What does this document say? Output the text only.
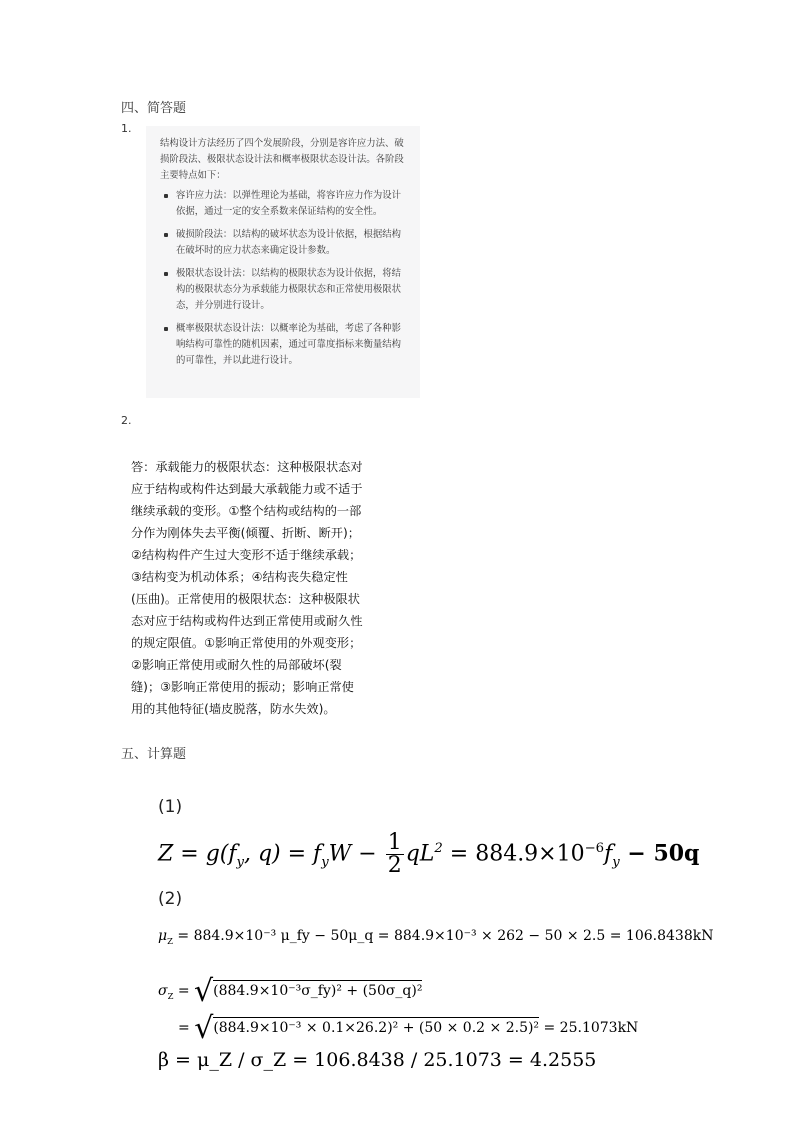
四、简答题
1.

结构设计方法经历了四个发展阶段，分别是容许应力法、破损阶段法、极限状态设计法和概率极限状态设计法。各阶段主要特点如下：

容许应力法：以弹性理论为基础，将容许应力作为设计依据，通过一定的安全系数来保证结构的安全性。
破损阶段法：以结构的破坏状态为设计依据，根据结构在破坏时的应力状态来确定设计参数。
极限状态设计法：以结构的极限状态为设计依据，将结构的极限状态分为承载能力极限状态和正常使用极限状态，并分别进行设计。
概率极限状态设计法：以概率论为基础，考虑了各种影响结构可靠性的随机因素，通过可靠度指标来衡量结构的可靠性，并以此进行设计。
2.
答：承载能力的极限状态：这种极限状态对
应于结构或构件达到最大承载能力或不适于
继续承载的变形。①整个结构或结构的一部
分作为刚体失去平衡(倾覆、折断、断开)；
②结构构件产生过大变形不适于继续承载；
③结构变为机动体系；④结构丧失稳定性
(压曲)。正常使用的极限状态：这种极限状
态对应于结构或构件达到正常使用或耐久性
的规定限值。①影响正常使用的外观变形；
②影响正常使用或耐久性的局部破坏(裂
缝)；③影响正常使用的振动；影响正常使
用的其他特征(墙皮脱落，防水失效)。
五、计算题
(1)
$Z = g(f_y$, $q) = f_yW - \frac{1}{2} qL^2 = 884.9\times 10^{-6}f_y - 50q$
(2)
$\mu_Z = 884.9\times 10^{-3}$ μ_fy − 50μ_q = 884.9×10⁻³ × 262 − 50 × 2.5 = 106.8438kN
$\sigma_Z$ = √(884.9×10⁻³σ_fy)² + (50σ_q)²
= √(884.9×10⁻³ × 0.1×26.2)² + (50 × 0.2 × 2.5)² = 25.1073kN
β = μ_Z / σ_Z = 106.8438 / 25.1073 = 4.2555
